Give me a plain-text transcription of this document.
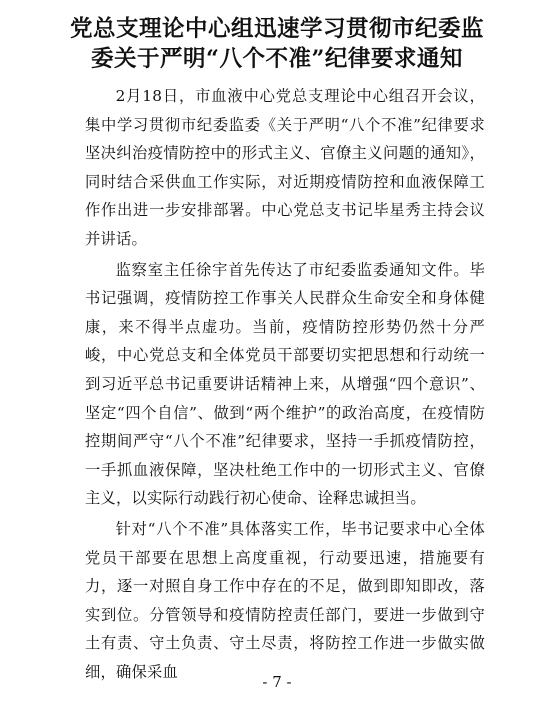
党总支理论中心组迅速学习贯彻市纪委监
委关于严明“八个不准”纪律要求通知

2月18日，市血液中心党总支理论中心组召开会议，集中学习贯彻市纪委监委《关于严明“八个不准”纪律要求坚决纠治疫情防控中的形式主义、官僚主义问题的通知》，同时结合采供血工作实际，对近期疫情防控和血液保障工作作出进一步安排部署。中心党总支书记毕星秀主持会议并讲话。

监察室主任徐宇首先传达了市纪委监委通知文件。毕书记强调，疫情防控工作事关人民群众生命安全和身体健康，来不得半点虚功。当前，疫情防控形势仍然十分严峻，中心党总支和全体党员干部要切实把思想和行动统一到习近平总书记重要讲话精神上来，从增强“四个意识”、坚定“四个自信”、做到“两个维护”的政治高度，在疫情防控期间严守“八个不准”纪律要求，坚持一手抓疫情防控，一手抓血液保障，坚决杜绝工作中的一切形式主义、官僚主义，以实际行动践行初心使命、诠释忠诚担当。

针对“八个不准”具体落实工作，毕书记要求中心全体党员干部要在思想上高度重视，行动要迅速，措施要有力，逐一对照自身工作中存在的不足，做到即知即改，落实到位。分管领导和疫情防控责任部门，要进一步做到守土有责、守土负责、守土尽责，将防控工作进一步做实做细，确保采血

- 7 -
